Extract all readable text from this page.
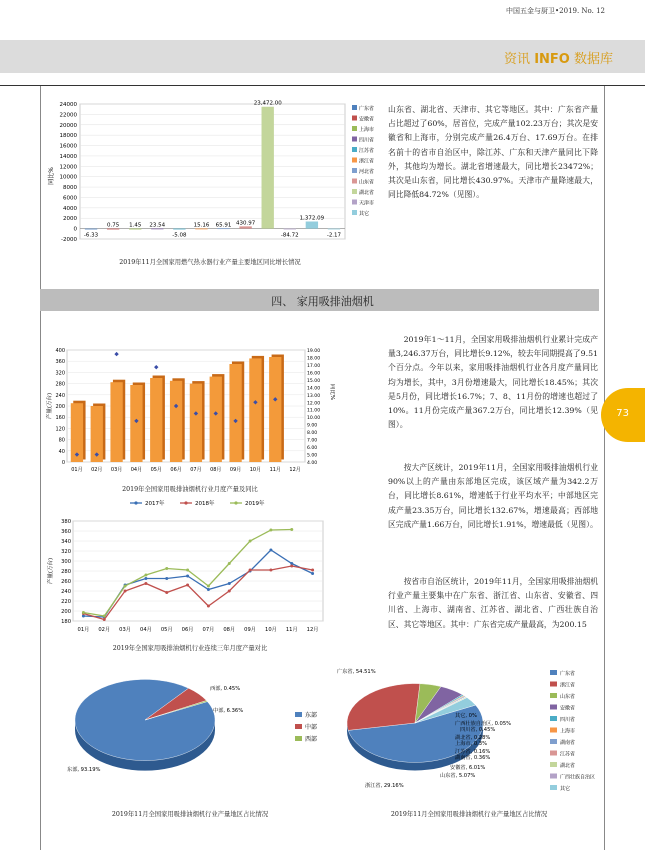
中国五金与厨卫•2019. No. 12
资讯 INFO 数据库
24000
22000
20000
18000
16000
14000
12000
10000
8000
6000
4000
2000
0
-2000
-6.33
0.75 1.45 23.54
-5.08
15.16 65.91 430.97
23,472.00
-84.72
1,372.09
-2.17
同比%
广东省
安徽省
上海市
四川省
江苏省
浙江省
河北省
山东省
湖北省
天津市
其它
2019年11月全国家用燃气热水器行业产量主要地区同比增长情况

山东省、湖北省、天津市、其它等地区。其中：广东省产量占比超过了60%，居首位，完成产量102.23万台；其次是安徽省和上海市，分别完成产量26.4万台、17.69万台。在排名前十的省市自治区中，除江苏、广东和天津产量同比下降外，其他均为增长。湖北省增速最大，同比增长23472%；其次是山东省，同比增长430.97%。天津市产量降速最大，同比降低84.72%（见图）。

四、 家用吸排油烟机
400
360
320
280
240
200
160
120
80
40
0
19.00
18.00
17.00
16.00
15.00
14.00
13.00
12.00
11.00
10.00
9.00
8.00
7.00
6.00
5.00
4.00
01月 02月 03月 04月 05月 06月 07月 08月 09月 10月 11月 12月
产量(万台)
同比%
2019年全国家用吸排油烟机行业月度产量及同比
2017年	2018年	2019年
380
360
340
320
300
280
260
240
220
200
180
01月 02月 03月 04月 05月 06月 07月 08月 09月 10月 11月 12月
产量(万台)
2019年全国家用吸排油烟机行业连续三年月度产量对比

2019年1～11月，全国家用吸排油烟机行业累计完成产量3,246.37万台，同比增长9.12%，较去年同期提高了9.51个百分点。今年以来，家用吸排油烟机行业各月度产量同比均为增长，其中，3月份增速最大，同比增长18.45%；其次是5月份，同比增长16.7%；7、8、11月份的增速也超过了10%。11月份完成产量367.2万台，同比增长12.39%（见图）。

按大产区统计，2019年11月，全国家用吸排油烟机行业90%以上的产量由东部地区完成，该区域产量为342.2万台，同比增长8.61%，增速低于行业平均水平；中部地区完成产量23.35万台，同比增长132.67%，增速最高；西部地区完成产量1.66万台，同比增长1.91%，增速最低（见图）。

按省市自治区统计，2019年11月，全国家用吸排油烟机行业产量主要集中在广东省、浙江省、山东省、安徽省、四川省、上海市、湖南省、江苏省、湖北省、广西壮族自治区、其它等地区。其中：广东省完成产量最高，为200.15

73
东部, 93.19%
中部, 6.36%
西部, 0.45%
东部
中部
西部
2019年11月全国家用吸排油烟机行业产量地区占比情况
广东省, 54.51%
浙江省, 29.16%
山东省, 5.07%
安徽省, 6.01%
四川省, 0.45%
上海市, 0.3%
湖南省, 0.36%
江苏省, 0.16%
湖北省, 0.28%
广西壮族自治区, 0.05%
其它, 0%
广东省
浙江省
山东省
安徽省
四川省
上海市
湖南省
江苏省
湖北省
广西壮族自治区
其它
2019年11月全国家用吸排油烟机行业产量地区占比情况
